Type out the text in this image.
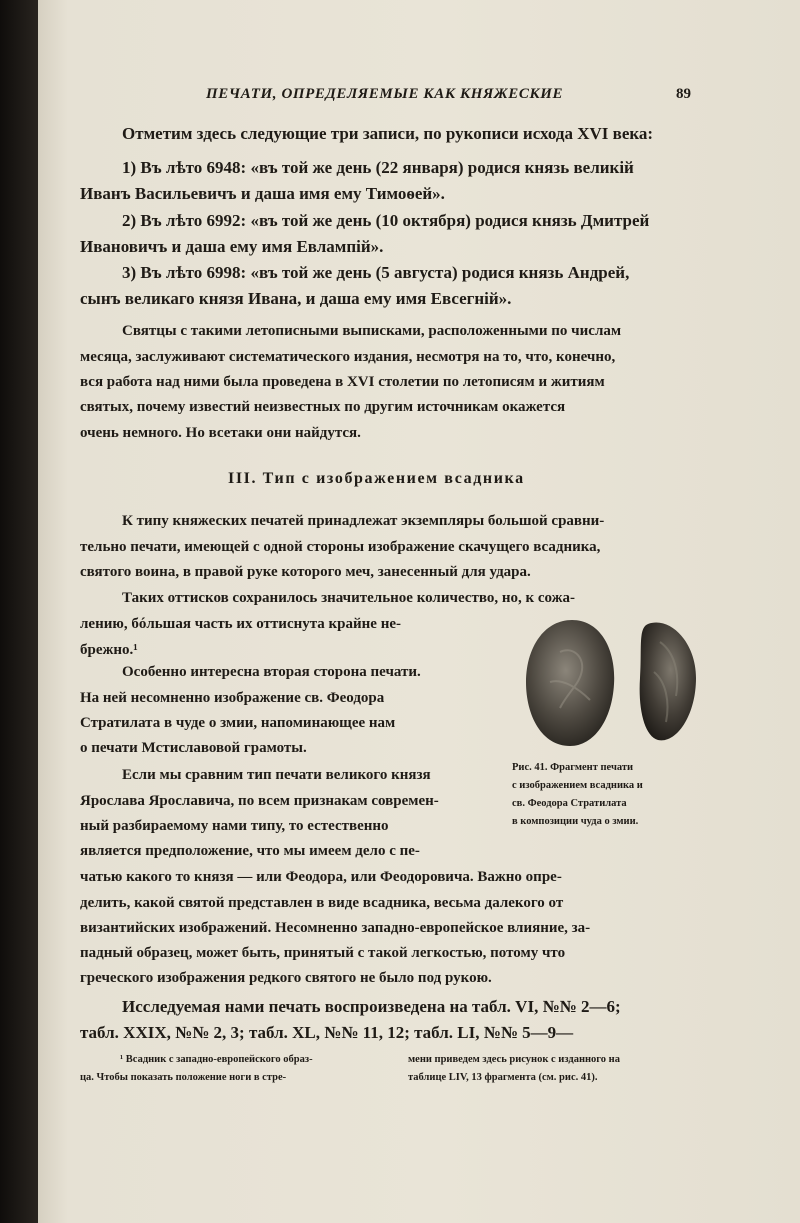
ПЕЧАТИ, ОПРЕДЕЛЯЕМЫЕ КАК КНЯЖЕСКИЕ	89
Отметим здесь следующие три записи, по рукописи исхода XVI века:
1) Въ лѣто 6948: «въ той же день (22 января) родися князь великiй
Иванъ Васильевичъ и даша имя ему Тимоѳей».
2) Въ лѣто 6992: «въ той же день (10 октября) родися князь Дмитрей
Ивановичъ и даша ему имя Евлампiй».
3) Въ лѣто 6998: «въ той же день (5 августа) родися князь Андрей,
сынъ великаго князя Ивана, и даша ему имя Евсегнiй».
Святцы с такими летописными выписками, расположенными по числам
месяца, заслуживают систематического издания, несмотря на то, что, конечно,
вся работа над ними была проведена в XVI столетии по летописям и житиям
святых, почему известий неизвестных по другим источникам окажется
очень немного. Но всетаки они найдутся.
III. Тип с изображением всадника
К типу княжеских печатей принадлежат экземпляры большой сравни-
тельно печати, имеющей с одной стороны изображение скачущего всадника,
святого воина, в правой руке которого меч, занесенный для удара.
Таких оттисков сохранилось значительное количество, но, к сожа-
лению, бóльшая часть их оттиснута крайне не-
брежно.¹
Особенно интересна вторая сторона печати.
На ней несомненно изображение св. Феодора
Стратилата в чуде о змии, напоминающее нам
о печати Мстиславовой грамоты.
Если мы сравним тип печати великого князя
Ярослава Ярославича, по всем признакам современ-
ный разбираемому нами типу, то естественно
является предположение, что мы имеем дело с пе-
чатью какого то князя — или Феодора, или Феодоровича. Важно опре-
делить, какой святой представлен в виде всадника, весьма далекого от
византийских изображений. Несомненно западно-европейское влияние, за-
падный образец, может быть, принятый с такой легкостью, потому что
греческого изображения редкого святого не было под рукою.
Исследуемая нами печать воспроизведена на табл. VI, №№ 2—6;
табл. XXIX, №№ 2, 3; табл. XL, №№ 11, 12; табл. LI, №№ 5—9—
Рис. 41. Фрагмент печати
с изображением всадника и
св. Феодора Стратилата
в композиции чуда о змии.
¹ Всадник с западно-европейского образ-
ца. Чтобы показать положение ноги в стре-
мени приведем здесь рисунок с изданного на
таблице LIV, 13 фрагмента (см. рис. 41).
